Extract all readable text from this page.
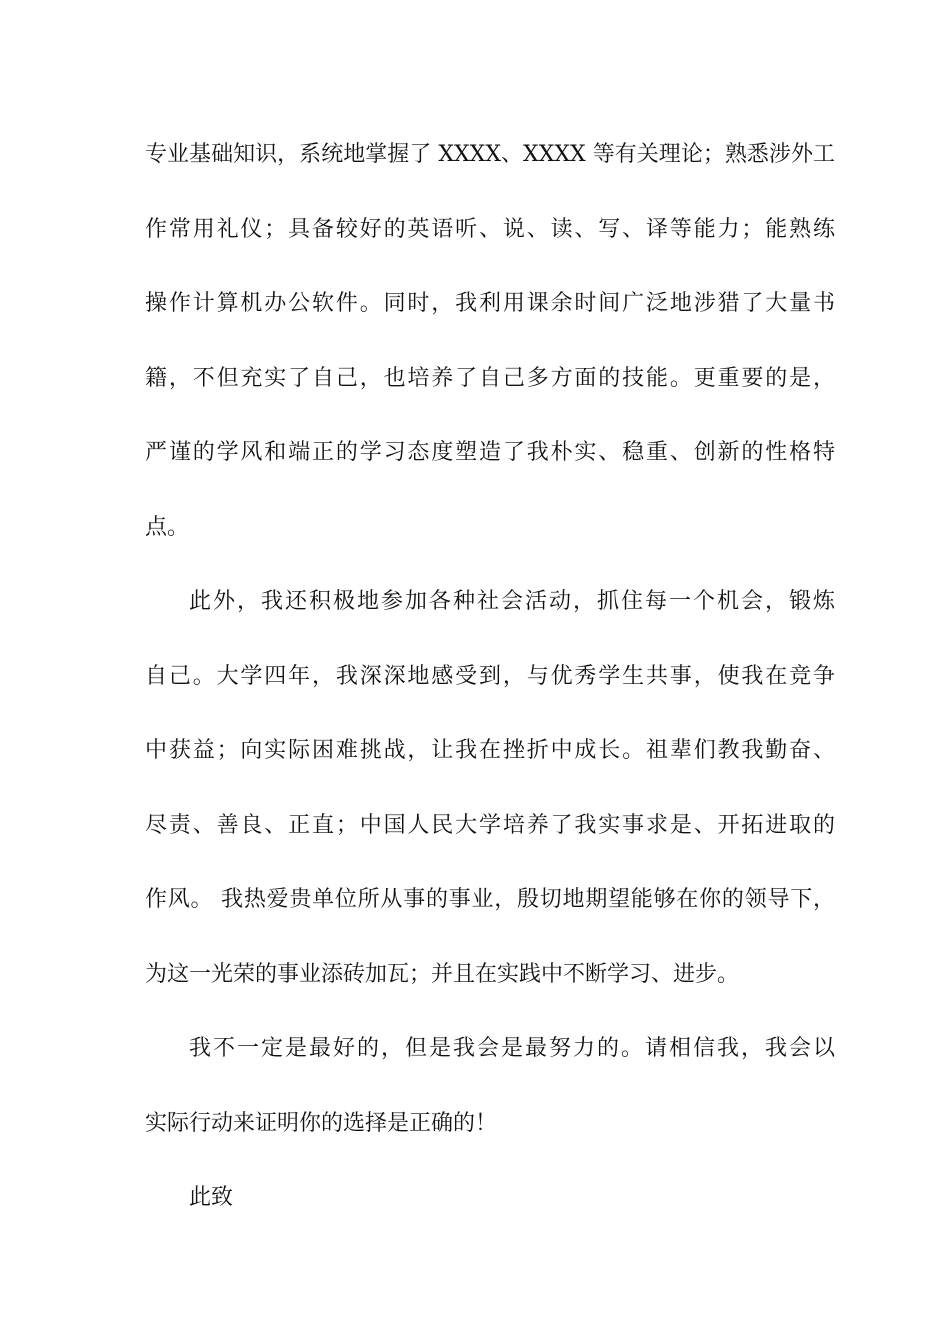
专业基础知识，系统地掌握了 XXXX、XXXX 等有关理论；熟悉涉外工
作常用礼仪；具备较好的英语听、说、读、写、译等能力；能熟练
操作计算机办公软件。同时，我利用课余时间广泛地涉猎了大量书
籍，不但充实了自己，也培养了自己多方面的技能。更重要的是，
严谨的学风和端正的学习态度塑造了我朴实、稳重、创新的性格特
点。
此外，我还积极地参加各种社会活动，抓住每一个机会，锻炼
自己。大学四年，我深深地感受到，与优秀学生共事，使我在竞争
中获益；向实际困难挑战，让我在挫折中成长。祖辈们教我勤奋、
尽责、善良、正直；中国人民大学培养了我实事求是、开拓进取的
作风。 我热爱贵单位所从事的事业，殷切地期望能够在你的领导下，
为这一光荣的事业添砖加瓦；并且在实践中不断学习、进步。
我不一定是最好的，但是我会是最努力的。请相信我，我会以
实际行动来证明你的选择是正确的！
此致
